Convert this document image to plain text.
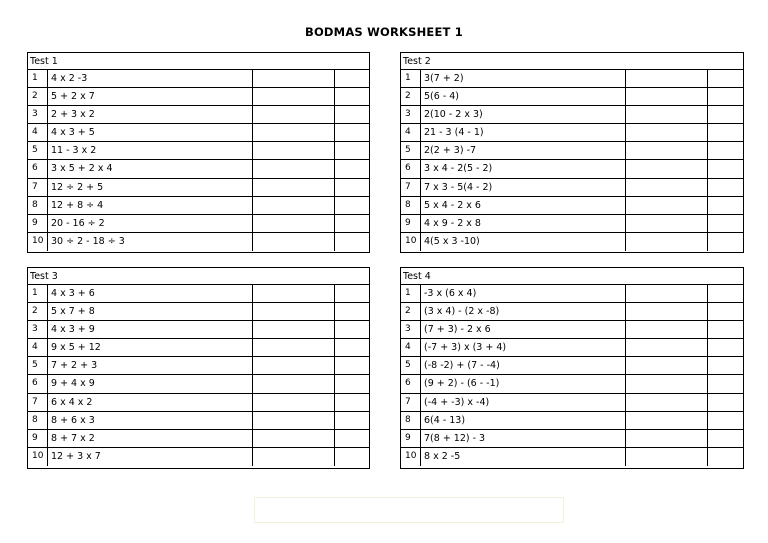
BODMAS WORKSHEET 1
Test 1
1	4 x 2 -3
2	5 + 2 x 7
3	2 + 3 x 2
4	4 x 3 + 5
5	11 - 3 x 2
6	3 x 5 + 2 x 4
7	12 ÷ 2 + 5
8	12 + 8 ÷ 4
9	20 - 16 ÷ 2
10 30 ÷ 2 - 18 ÷ 3
Test 2
1	3(7 + 2)
2	5(6 - 4)
3	2(10 - 2 x 3)
4	21 - 3 (4 - 1)
5	2(2 + 3) -7
6	3 x 4 - 2(5 - 2)
7	7 x 3 - 5(4 - 2)
8	5 x 4 - 2 x 6
9	4 x 9 - 2 x 8
10 4(5 x 3 -10)
Test 3
1	4 x 3 + 6
2	5 x 7 + 8
3	4 x 3 + 9
4	9 x 5 + 12
5	7 + 2 + 3
6	9 + 4 x 9
7	6 x 4 x 2
8	8 + 6 x 3
9	8 + 7 x 2
10 12 + 3 x 7
Test 4
1	-3 x (6 x 4)
2	(3 x 4) - (2 x -8)
3	(7 + 3) - 2 x 6
4	(-7 + 3) x (3 + 4)
5	(-8 -2) + (7 - -4)
6	(9 + 2) - (6 - -1)
7	(-4 + -3) x -4)
8	6(4 - 13)
9	7(8 + 12) - 3
10 8 x 2 -5
